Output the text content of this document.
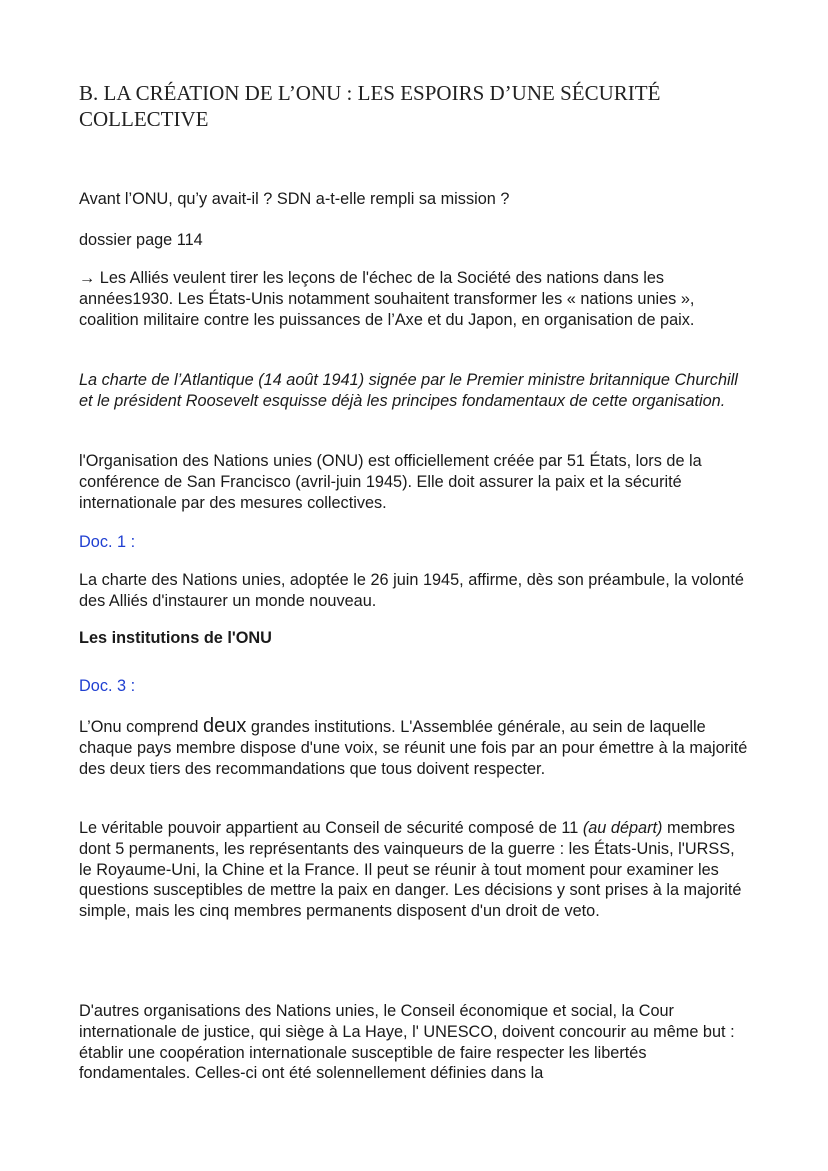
B. LA CRÉATION DE L’ONU : LES ESPOIRS D’UNE SÉCURITÉ COLLECTIVE

Avant l’ONU, qu’y avait-il ? SDN a-t-elle rempli sa mission ?

dossier page 114

→ Les Alliés veulent tirer les leçons de l'échec de la Société des nations dans les années1930. Les États-Unis notamment souhaitent transformer les « nations unies », coalition militaire contre les puissances de l’Axe et du Japon, en organisation de paix.

La charte de l’Atlantique (14 août 1941) signée par le Premier ministre britannique Churchill et le président Roosevelt esquisse déjà les principes fondamentaux de cette organisation.

l'Organisation des Nations unies (ONU) est officiellement créée par 51 États, lors de la conférence de San Francisco (avril-juin 1945). Elle doit assurer la paix et la sécurité internationale par des mesures collectives.

Doc. 1 :

La charte des Nations unies, adoptée le 26 juin 1945, affirme, dès son préambule, la volonté des Alliés d'instaurer un monde nouveau.

Les institutions de l'ONU

Doc. 3 :

L’Onu comprend deux grandes institutions. L'Assemblée générale, au sein de laquelle chaque pays membre dispose d'une voix, se réunit une fois par an pour émettre à la majorité des deux tiers des recommandations que tous doivent respecter.

Le véritable pouvoir appartient au Conseil de sécurité composé de 11 (au départ) membres dont 5 permanents, les représentants des vainqueurs de la guerre : les États-Unis, l'URSS, le Royaume-Uni, la Chine et la France. Il peut se réunir à tout moment pour examiner les questions susceptibles de mettre la paix en danger. Les décisions y sont prises à la majorité simple, mais les cinq membres permanents disposent d'un droit de veto.

D'autres organisations des Nations unies, le Conseil économique et social, la Cour internationale de justice, qui siège à La Haye, l' UNESCO, doivent concourir au même but : établir une coopération internationale susceptible de faire respecter les libertés fondamentales. Celles-ci ont été solennellement définies dans la
